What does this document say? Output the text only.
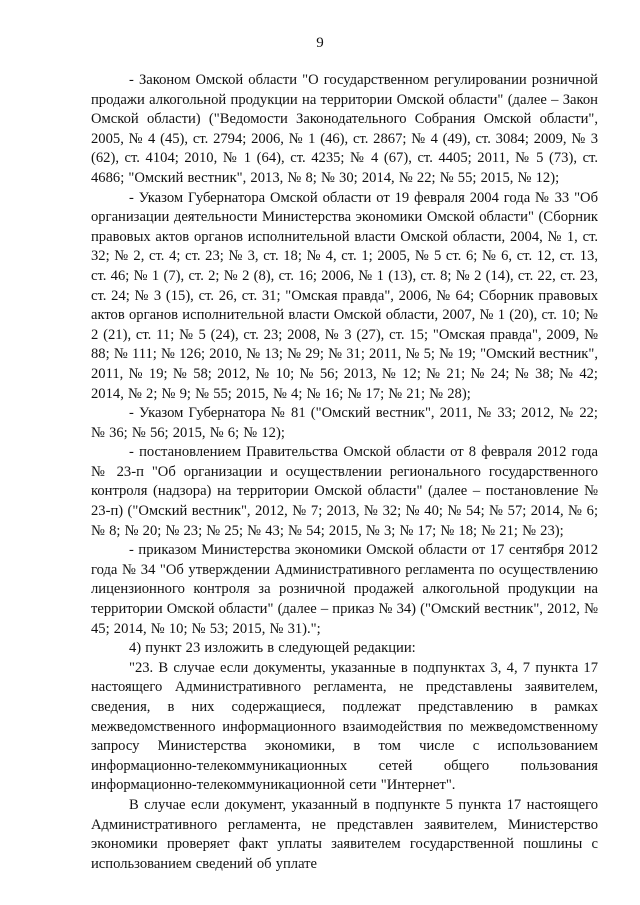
9

- Законом Омской области "О государственном регулировании розничной продажи алкогольной продукции на территории Омской области" (далее – Закон Омской области) ("Ведомости Законодательного Собрания Омской области", 2005, № 4 (45), ст. 2794; 2006, № 1 (46), ст. 2867; № 4 (49), ст. 3084; 2009, № 3 (62), ст. 4104; 2010, № 1 (64), ст. 4235; № 4 (67), ст. 4405; 2011, № 5 (73), ст. 4686; "Омский вестник", 2013, № 8; № 30; 2014, № 22; № 55; 2015, № 12);

- Указом Губернатора Омской области от 19 февраля 2004 года № 33 "Об организации деятельности Министерства экономики Омской области" (Сборник правовых актов органов исполнительной власти Омской области, 2004, № 1, ст. 32; № 2, ст. 4; ст. 23; № 3, ст. 18; № 4, ст. 1; 2005, № 5 ст. 6; № 6, ст. 12, ст. 13, ст. 46; № 1 (7), ст. 2; № 2 (8), ст. 16; 2006, № 1 (13), ст. 8; № 2 (14), ст. 22, ст. 23, ст. 24; № 3 (15), ст. 26, ст. 31; "Омская правда", 2006, № 64; Сборник правовых актов органов исполнительной власти Омской области, 2007, № 1 (20), ст. 10; № 2 (21), ст. 11; № 5 (24), ст. 23; 2008, № 3 (27), ст. 15; "Омская правда", 2009, № 88; № 111; № 126; 2010, № 13; № 29; № 31; 2011, № 5; № 19; "Омский вестник", 2011, № 19; № 58; 2012, № 10; № 56; 2013, № 12; № 21; № 24; № 38; № 42; 2014, № 2; № 9; № 55; 2015, № 4; № 16; № 17; № 21; № 28);

- Указом Губернатора № 81 ("Омский вестник", 2011, № 33; 2012, № 22; № 36; № 56; 2015, № 6; № 12);

- постановлением Правительства Омской области от 8 февраля 2012 года № 23-п "Об организации и осуществлении регионального государственного контроля (надзора) на территории Омской области" (далее – постановление № 23-п) ("Омский вестник", 2012, № 7; 2013, № 32; № 40; № 54; № 57; 2014, № 6; № 8; № 20; № 23; № 25; № 43; № 54; 2015, № 3; № 17; № 18; № 21; № 23);

- приказом Министерства экономики Омской области от 17 сентября 2012 года № 34 "Об утверждении Административного регламента по осуществлению лицензионного контроля за розничной продажей алкогольной продукции на территории Омской области" (далее – приказ № 34) ("Омский вестник", 2012, № 45; 2014, № 10; № 53; 2015, № 31).";

4) пункт 23 изложить в следующей редакции:

"23. В случае если документы, указанные в подпунктах 3, 4, 7 пункта 17 настоящего Административного регламента, не представлены заявителем, сведения, в них содержащиеся, подлежат представлению в рамках межведомственного информационного взаимодействия по межведомственному запросу Министерства экономики, в том числе с использованием информационно-телекоммуникационных сетей общего пользования информационно-телекоммуникационной сети "Интернет".

В случае если документ, указанный в подпункте 5 пункта 17 настоящего Административного регламента, не представлен заявителем, Министерство экономики проверяет факт уплаты заявителем государственной пошлины с использованием сведений об уплате
